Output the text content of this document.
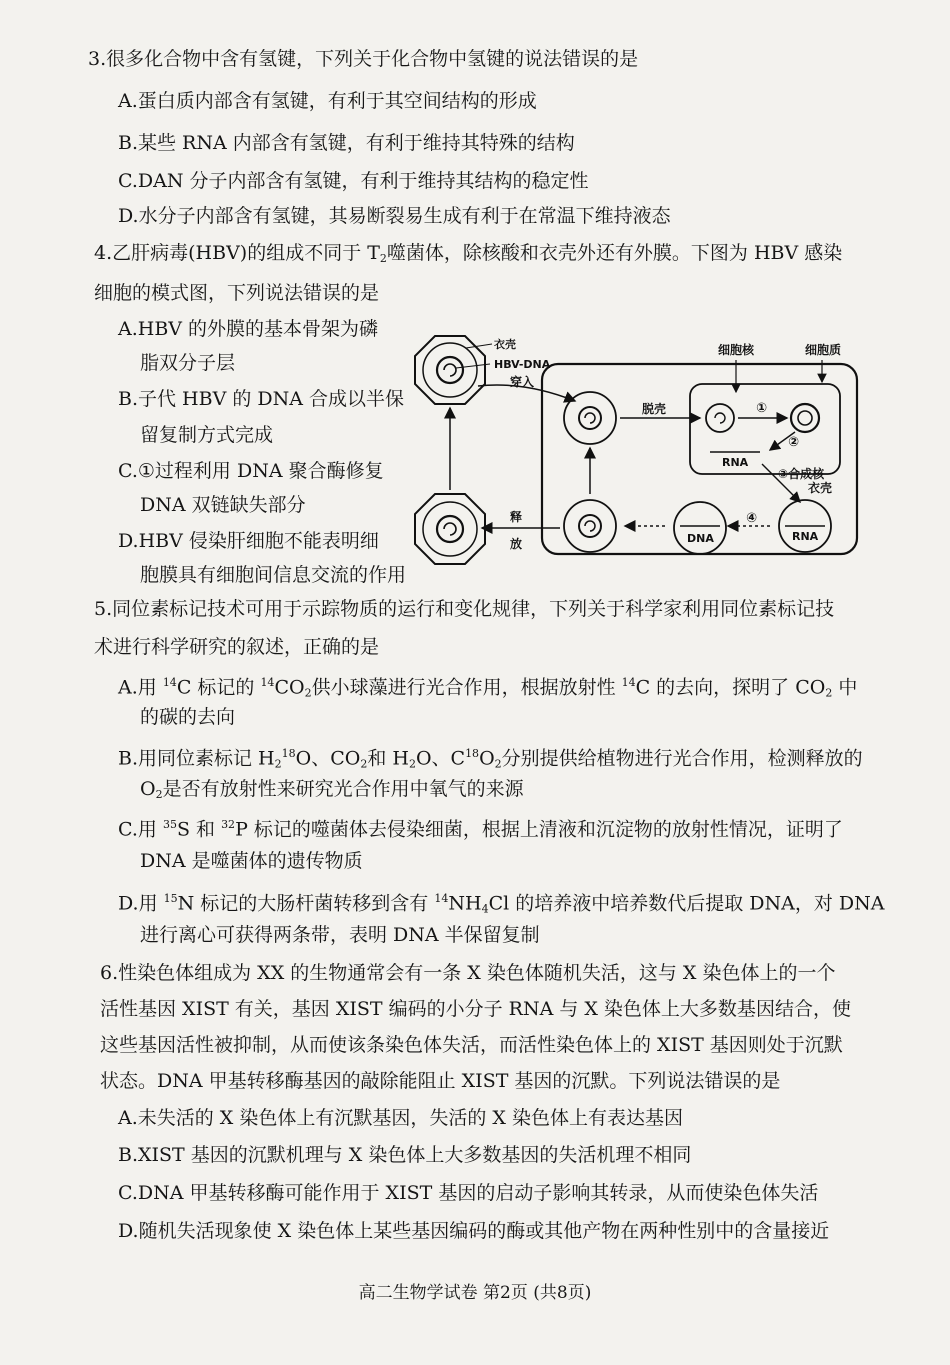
3.很多化合物中含有氢键，下列关于化合物中氢键的说法错误的是
A.蛋白质内部含有氢键，有利于其空间结构的形成
B.某些 RNA 内部含有氢键，有利于维持其特殊的结构
C.DAN 分子内部含有氢键，有利于维持其结构的稳定性
D.水分子内部含有氢键，其易断裂易生成有利于在常温下维持液态
4.乙肝病毒(HBV)的组成不同于 $T_2$噬菌体，除核酸和衣壳外还有外膜。下图为 HBV 感染
细胞的模式图，下列说法错误的是
A.HBV 的外膜的基本骨架为磷
脂双分子层
B.子代 HBV 的 DNA 合成以半保
留复制方式完成
C.①过程利用 DNA 聚合酶修复
DNA 双链缺失部分
D.HBV 侵染肝细胞不能表明细
胞膜具有细胞间信息交流的作用
衣壳
HBV-DNA
穿入
细胞核	细胞质
脱壳	①
②
RNA
③合成核
衣壳
RNA
④
DNA
释
放
5.同位素标记技术可用于示踪物质的运行和变化规律，下列关于科学家利用同位素标记技
术进行科学研究的叙述，正确的是
A.用 $^{14}$C 标记的 $^{14}CO_2$供小球藻进行光合作用，根据放射性 $^{14}$C 的去向，探明了 $CO_2$ 中
的碳的去向
B.用同位素标记 $H_2^{18}O$、$CO_2$和 $H_2O$、$C^{18}O_2$分别提供给植物进行光合作用，检测释放的
$O_2$是否有放射性来研究光合作用中氧气的来源
C.用 $^{35}$S 和 $^{32}$P 标记的噬菌体去侵染细菌，根据上清液和沉淀物的放射性情况，证明了
DNA 是噬菌体的遗传物质
D.用 $^{15}$N 标记的大肠杆菌转移到含有 $^{14}NH_4Cl$ 的培养液中培养数代后提取 DNA，对 DNA
进行离心可获得两条带，表明 DNA 半保留复制
6.性染色体组成为 XX 的生物通常会有一条 X 染色体随机失活，这与 X 染色体上的一个
活性基因 XIST 有关，基因 XIST 编码的小分子 RNA 与 X 染色体上大多数基因结合，使
这些基因活性被抑制，从而使该条染色体失活，而活性染色体上的 XIST 基因则处于沉默
状态。DNA 甲基转移酶基因的敲除能阻止 XIST 基因的沉默。下列说法错误的是
A.未失活的 X 染色体上有沉默基因，失活的 X 染色体上有表达基因
B.XIST 基因的沉默机理与 X 染色体上大多数基因的失活机理不相同
C.DNA 甲基转移酶可能作用于 XIST 基因的启动子影响其转录，从而使染色体失活
D.随机失活现象使 X 染色体上某些基因编码的酶或其他产物在两种性别中的含量接近
高二生物学试卷 第2页 (共8页)
